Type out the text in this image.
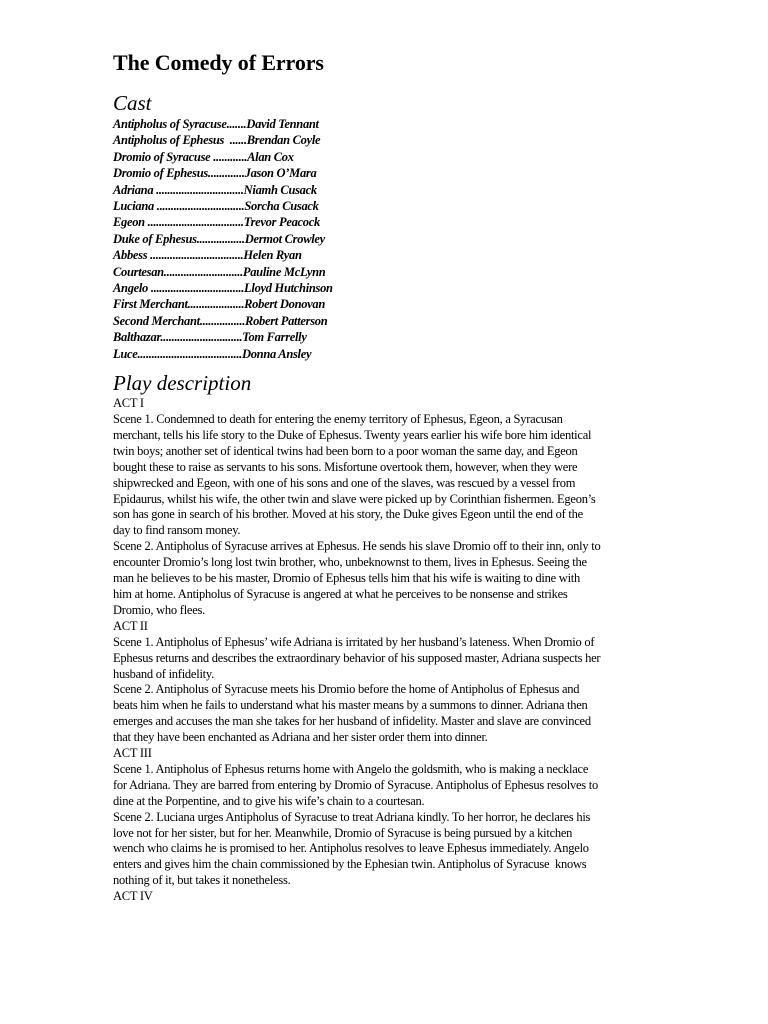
The Comedy of Errors
Cast
Antipholus of Syracuse.......David Tennant
Antipholus of Ephesus  ......Brendan Coyle
Dromio of Syracuse ............Alan Cox
Dromio of Ephesus.............Jason O’Mara
Adriana ...............................Niamh Cusack
Luciana ...............................Sorcha Cusack
Egeon ..................................Trevor Peacock
Duke of Ephesus.................Dermot Crowley
Abbess .................................Helen Ryan
Courtesan............................Pauline McLynn
Angelo .................................Lloyd Hutchinson
First Merchant....................Robert Donovan
Second Merchant................Robert Patterson
Balthazar.............................Tom Farrelly
Luce.....................................Donna Ansley
Play description
ACT I
Scene 1. Condemned to death for entering the enemy territory of Ephesus, Egeon, a Syracusan
merchant, tells his life story to the Duke of Ephesus. Twenty years earlier his wife bore him identical
twin boys; another set of identical twins had been born to a poor woman the same day, and Egeon
bought these to raise as servants to his sons. Misfortune overtook them, however, when they were
shipwrecked and Egeon, with one of his sons and one of the slaves, was rescued by a vessel from
Epidaurus, whilst his wife, the other twin and slave were picked up by Corinthian fishermen. Egeon’s
son has gone in search of his brother. Moved at his story, the Duke gives Egeon until the end of the
day to find ransom money.
Scene 2. Antipholus of Syracuse arrives at Ephesus. He sends his slave Dromio off to their inn, only to
encounter Dromio’s long lost twin brother, who, unbeknownst to them, lives in Ephesus. Seeing the
man he believes to be his master, Dromio of Ephesus tells him that his wife is waiting to dine with
him at home. Antipholus of Syracuse is angered at what he perceives to be nonsense and strikes
Dromio, who flees.
ACT II
Scene 1. Antipholus of Ephesus’ wife Adriana is irritated by her husband’s lateness. When Dromio of
Ephesus returns and describes the extraordinary behavior of his supposed master, Adriana suspects her
husband of infidelity.
Scene 2. Antipholus of Syracuse meets his Dromio before the home of Antipholus of Ephesus and
beats him when he fails to understand what his master means by a summons to dinner. Adriana then
emerges and accuses the man she takes for her husband of infidelity. Master and slave are convinced
that they have been enchanted as Adriana and her sister order them into dinner.
ACT III
Scene 1. Antipholus of Ephesus returns home with Angelo the goldsmith, who is making a necklace
for Adriana. They are barred from entering by Dromio of Syracuse. Antipholus of Ephesus resolves to
dine at the Porpentine, and to give his wife’s chain to a courtesan.
Scene 2. Luciana urges Antipholus of Syracuse to treat Adriana kindly. To her horror, he declares his
love not for her sister, but for her. Meanwhile, Dromio of Syracuse is being pursued by a kitchen
wench who claims he is promised to her. Antipholus resolves to leave Ephesus immediately. Angelo
enters and gives him the chain commissioned by the Ephesian twin. Antipholus of Syracuse  knows
nothing of it, but takes it nonetheless.
ACT IV
